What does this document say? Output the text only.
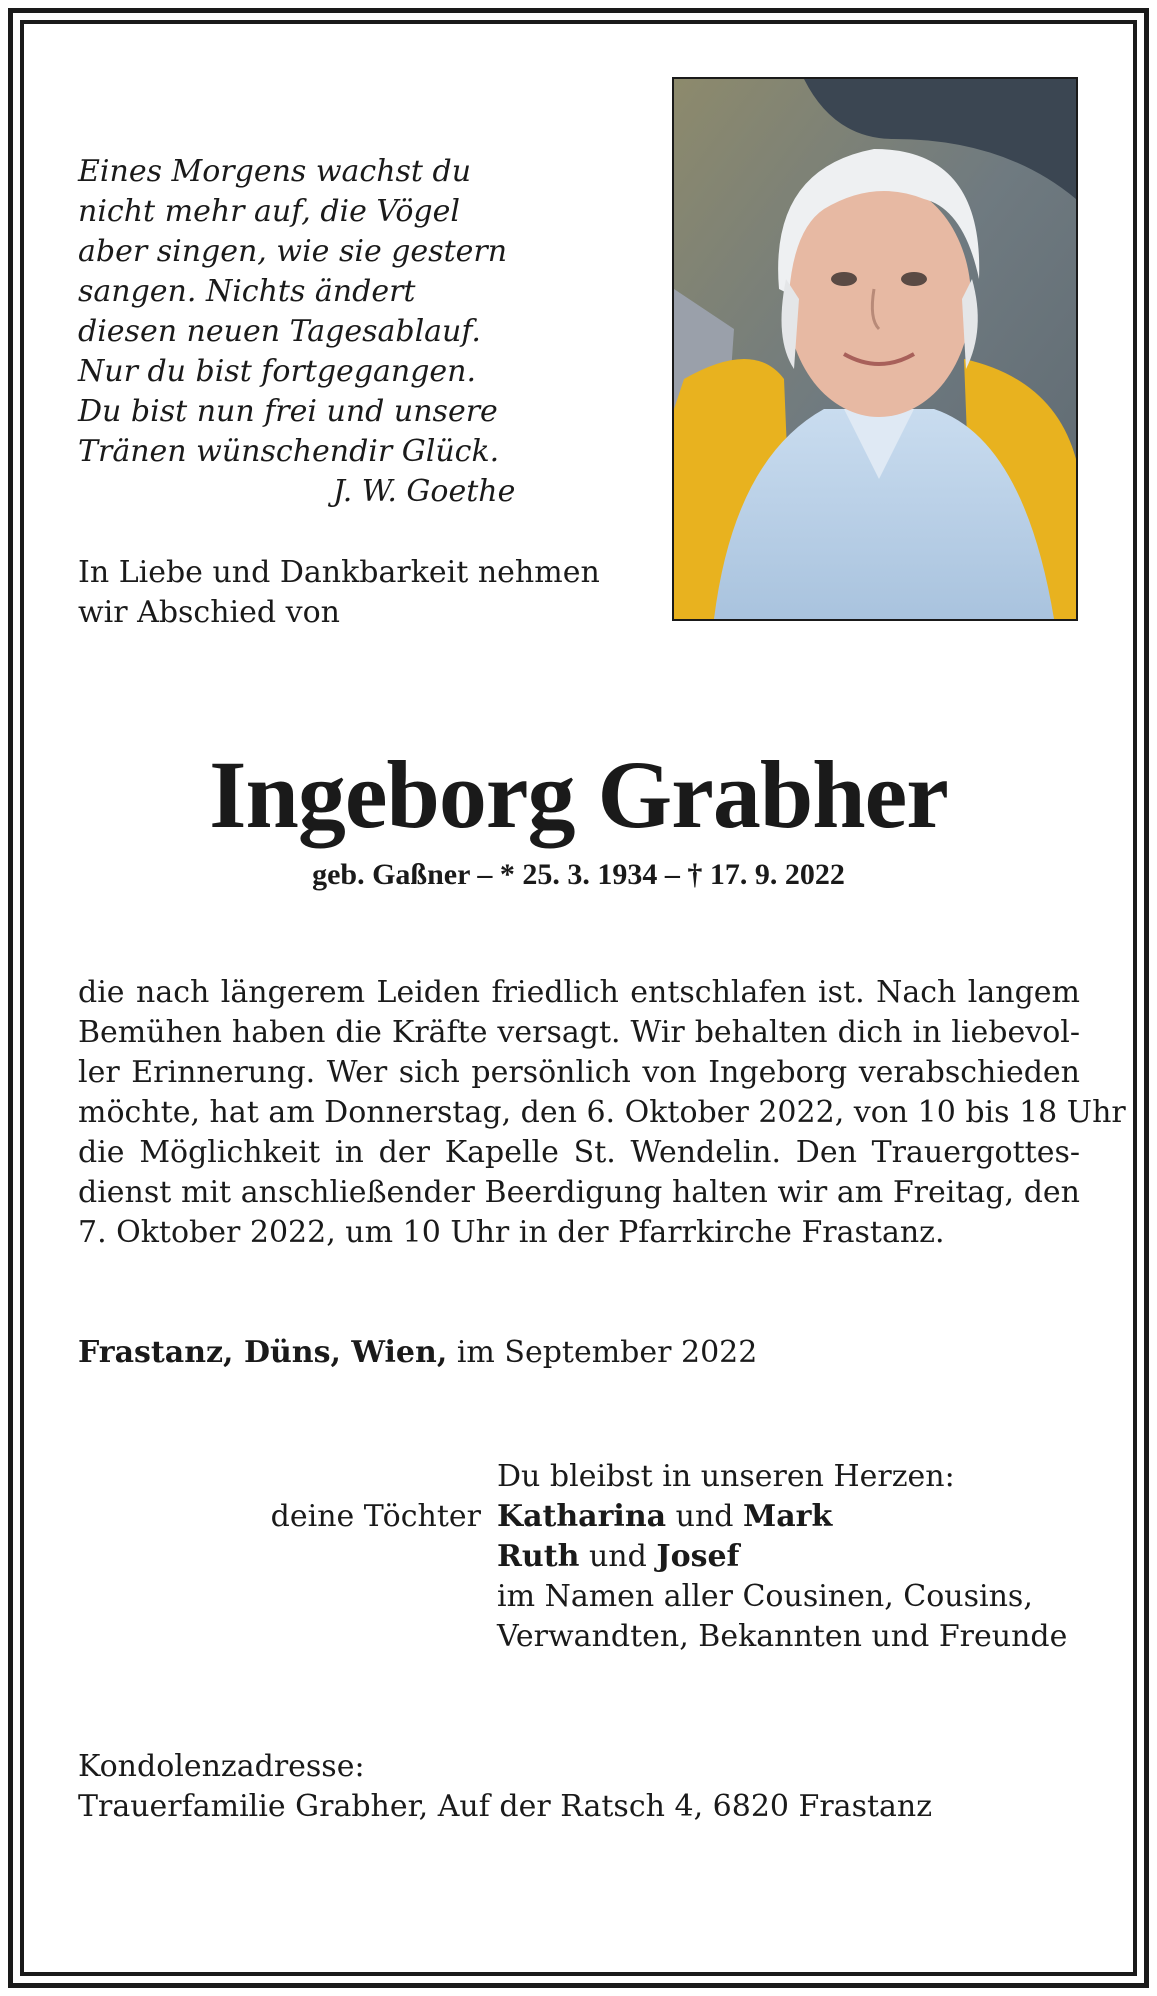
Eines Morgens wachst du
nicht mehr auf, die Vögel
aber singen, wie sie gestern
sangen. Nichts ändert
diesen neuen Tagesablauf.
Nur du bist fortgegangen.
Du bist nun frei und unsere
Tränen wünschendir Glück.
J. W. Goethe
In Liebe und Dankbarkeit nehmen
wir Abschied von
Ingeborg Grabher
geb. Gaßner – * 25. 3. 1934 – † 17. 9. 2022
die nach längerem Leiden friedlich entschlafen ist. Nach langem
Bemühen haben die Kräfte versagt. Wir behalten dich in liebevol-
ler Erinnerung. Wer sich persönlich von Ingeborg verabschieden
möchte, hat am Donnerstag, den 6. Oktober 2022, von 10 bis 18 Uhr
die Möglichkeit in der Kapelle St. Wendelin. Den Trauergottes-
dienst mit anschließender Beerdigung halten wir am Freitag, den
7. Oktober 2022, um 10 Uhr in der Pfarrkirche Frastanz.
Frastanz, Düns, Wien, im September 2022
Du bleibst in unseren Herzen:
deine Töchter Katharina und Mark
Ruth und Josef
im Namen aller Cousinen, Cousins,
Verwandten, Bekannten und Freunde
Kondolenzadresse:
Trauerfamilie Grabher, Auf der Ratsch 4, 6820 Frastanz
